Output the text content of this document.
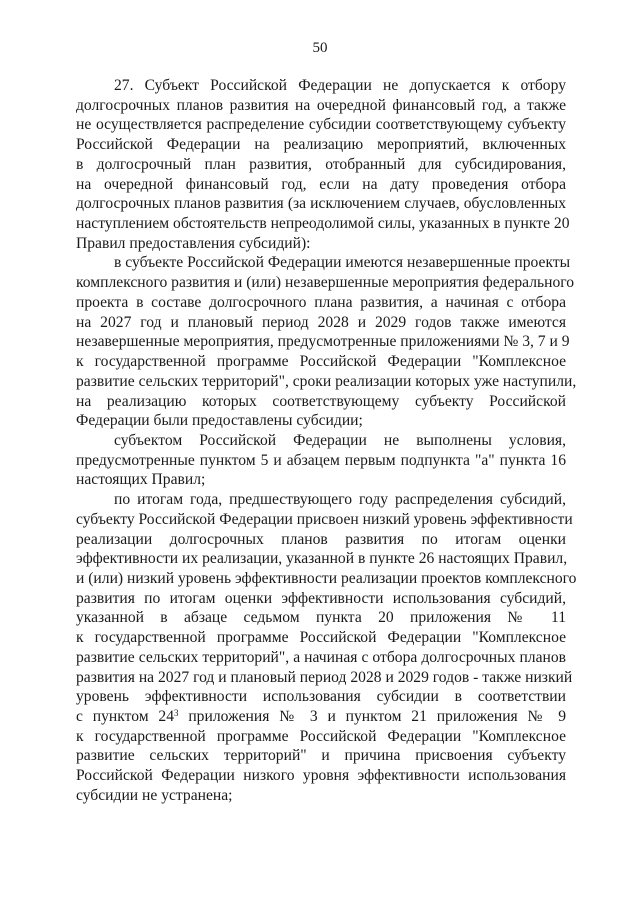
50
27. Субъект Российской Федерации не допускается к отбору
долгосрочных планов развития на очередной финансовый год, а также
не осуществляется распределение субсидии соответствующему субъекту
Российской Федерации на реализацию мероприятий, включенных
в долгосрочный план развития, отобранный для субсидирования,
на очередной финансовый год, если на дату проведения отбора
долгосрочных планов развития (за исключением случаев, обусловленных
наступлением обстоятельств непреодолимой силы, указанных в пункте 20
Правил предоставления субсидий):
в субъекте Российской Федерации имеются незавершенные проекты
комплексного развития и (или) незавершенные мероприятия федерального
проекта в составе долгосрочного плана развития, а начиная с отбора
на 2027 год и плановый период 2028 и 2029 годов также имеются
незавершенные мероприятия, предусмотренные приложениями № 3, 7 и 9
к государственной программе Российской Федерации "Комплексное
развитие сельских территорий", сроки реализации которых уже наступили,
на реализацию которых соответствующему субъекту Российской
Федерации были предоставлены субсидии;
субъектом Российской Федерации не выполнены условия,
предусмотренные пунктом 5 и абзацем первым подпункта "а" пункта 16
настоящих Правил;
по итогам года, предшествующего году распределения субсидий,
субъекту Российской Федерации присвоен низкий уровень эффективности
реализации долгосрочных планов развития по итогам оценки
эффективности их реализации, указанной в пункте 26 настоящих Правил,
и (или) низкий уровень эффективности реализации проектов комплексного
развития по итогам оценки эффективности использования субсидий,
указанной в абзаце седьмом пункта 20 приложения № 11
к государственной программе Российской Федерации "Комплексное
развитие сельских территорий", а начиная с отбора долгосрочных планов
развития на 2027 год и плановый период 2028 и 2029 годов - также низкий
уровень эффективности использования субсидии в соответствии
с пунктом $24^3$ приложения № 3 и пунктом 21 приложения № 9
к государственной программе Российской Федерации "Комплексное
развитие сельских территорий" и причина присвоения субъекту
Российской Федерации низкого уровня эффективности использования
субсидии не устранена;
